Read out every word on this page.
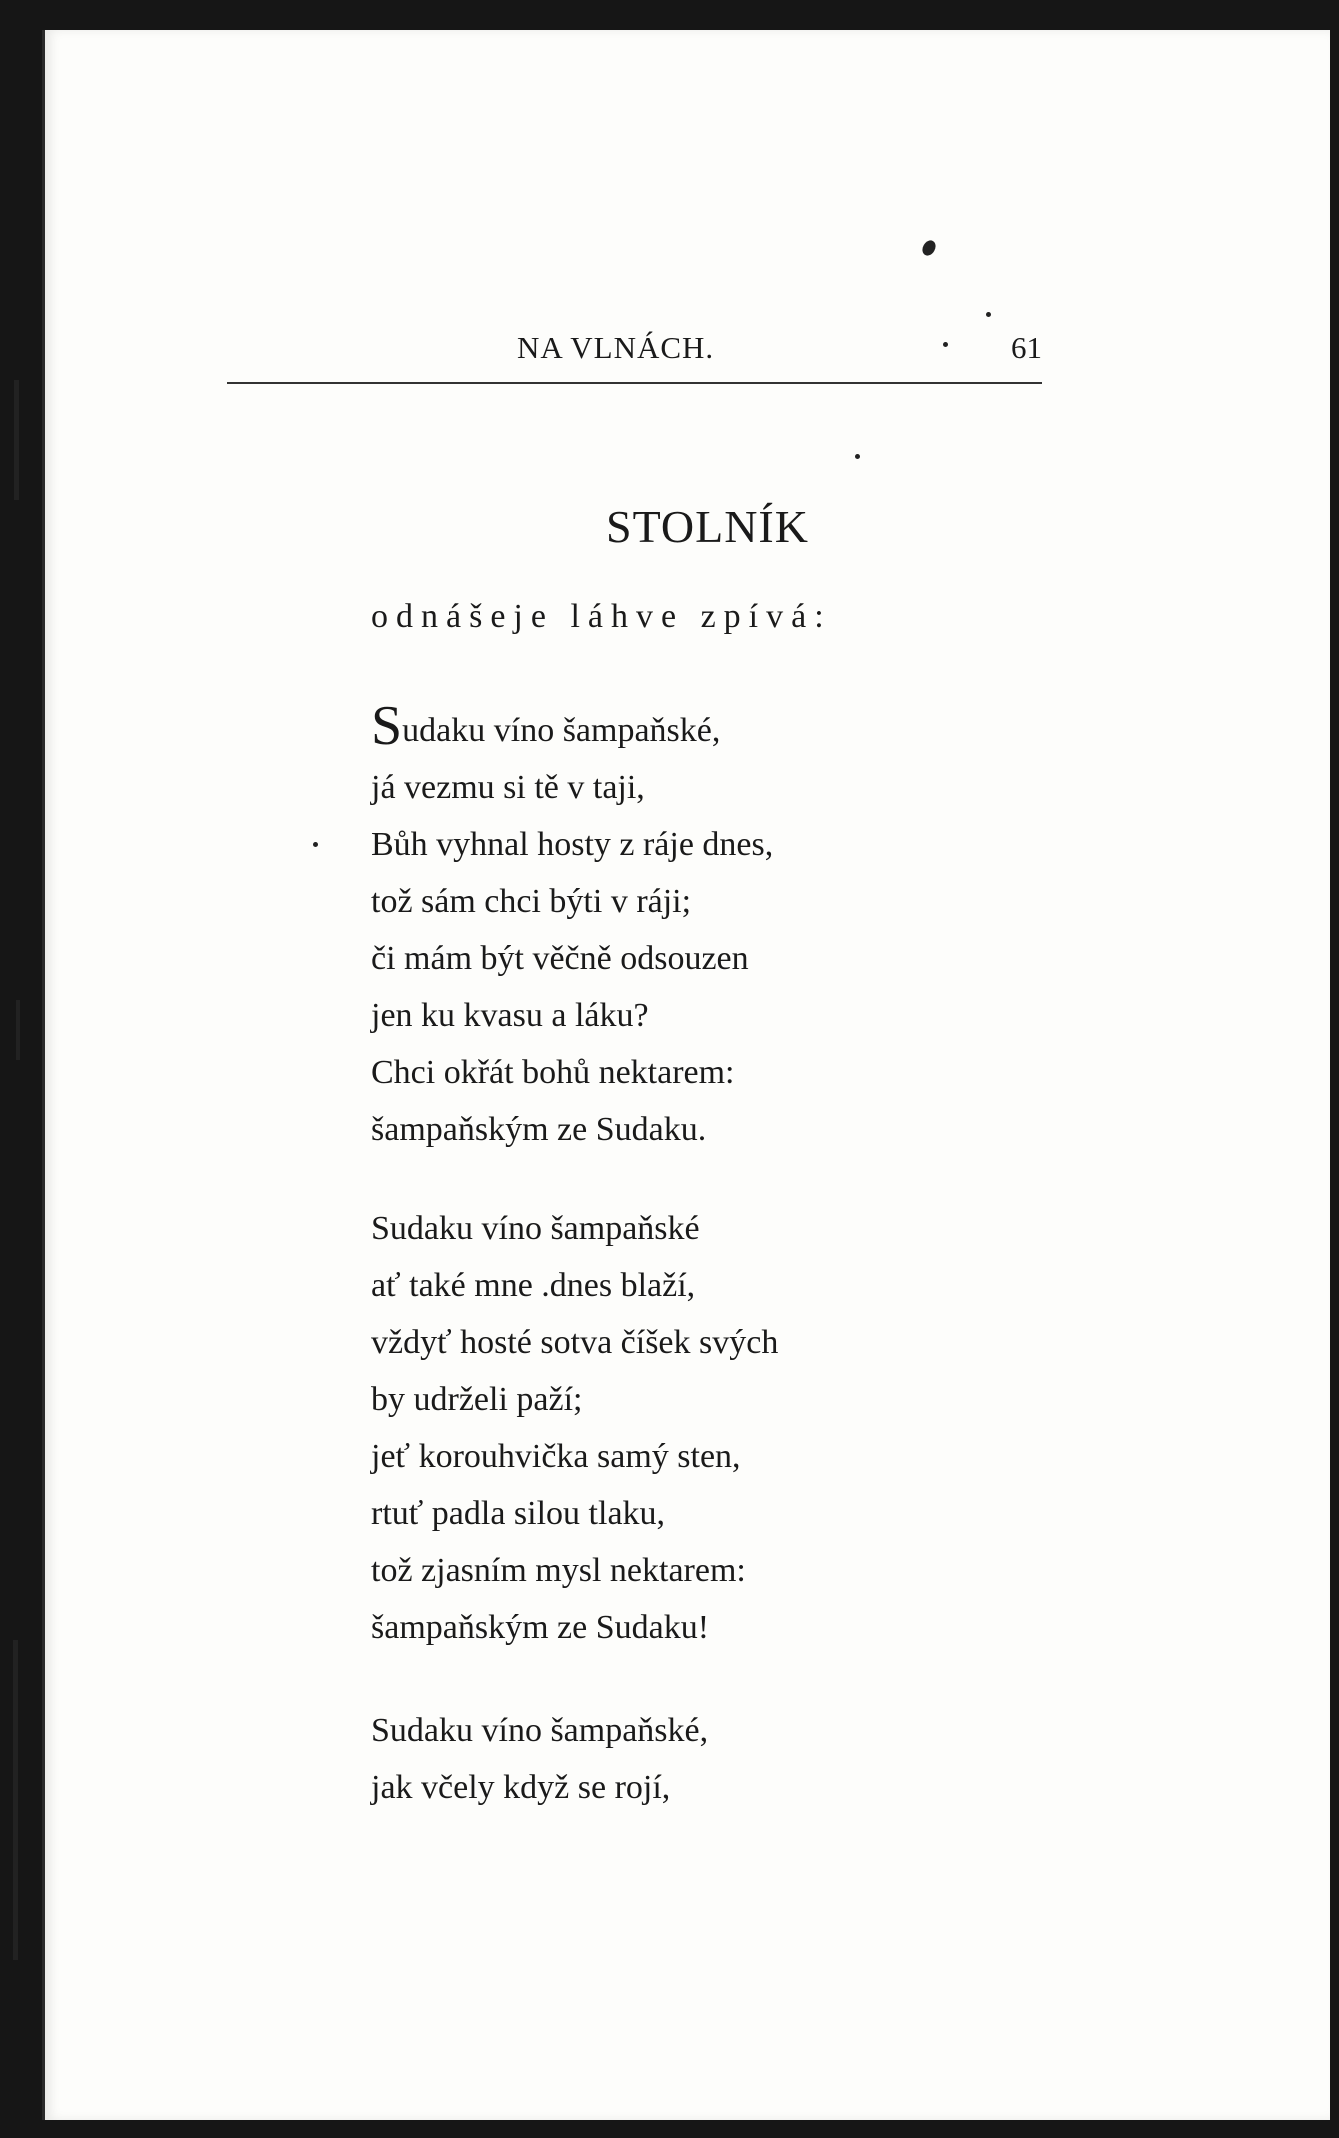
NA VLNÁCH.	61
STOLNÍK
odnášeje láhve zpívá:
Sudaku víno šampaňské,
já vezmu si tě v taji,
Bůh vyhnal hosty z ráje dnes,
tož sám chci býti v ráji;
či mám být věčně odsouzen
jen ku kvasu a láku?
Chci okřát bohů nektarem:
šampaňským ze Sudaku.
Sudaku víno šampaňské
ať také mne .dnes blaží,
vždyť hosté sotva číšek svých
by udrželi paží;
jeť korouhvička samý sten,
rtuť padla silou tlaku,
tož zjasním mysl nektarem:
šampaňským ze Sudaku!
Sudaku víno šampaňské,
jak včely když se rojí,
